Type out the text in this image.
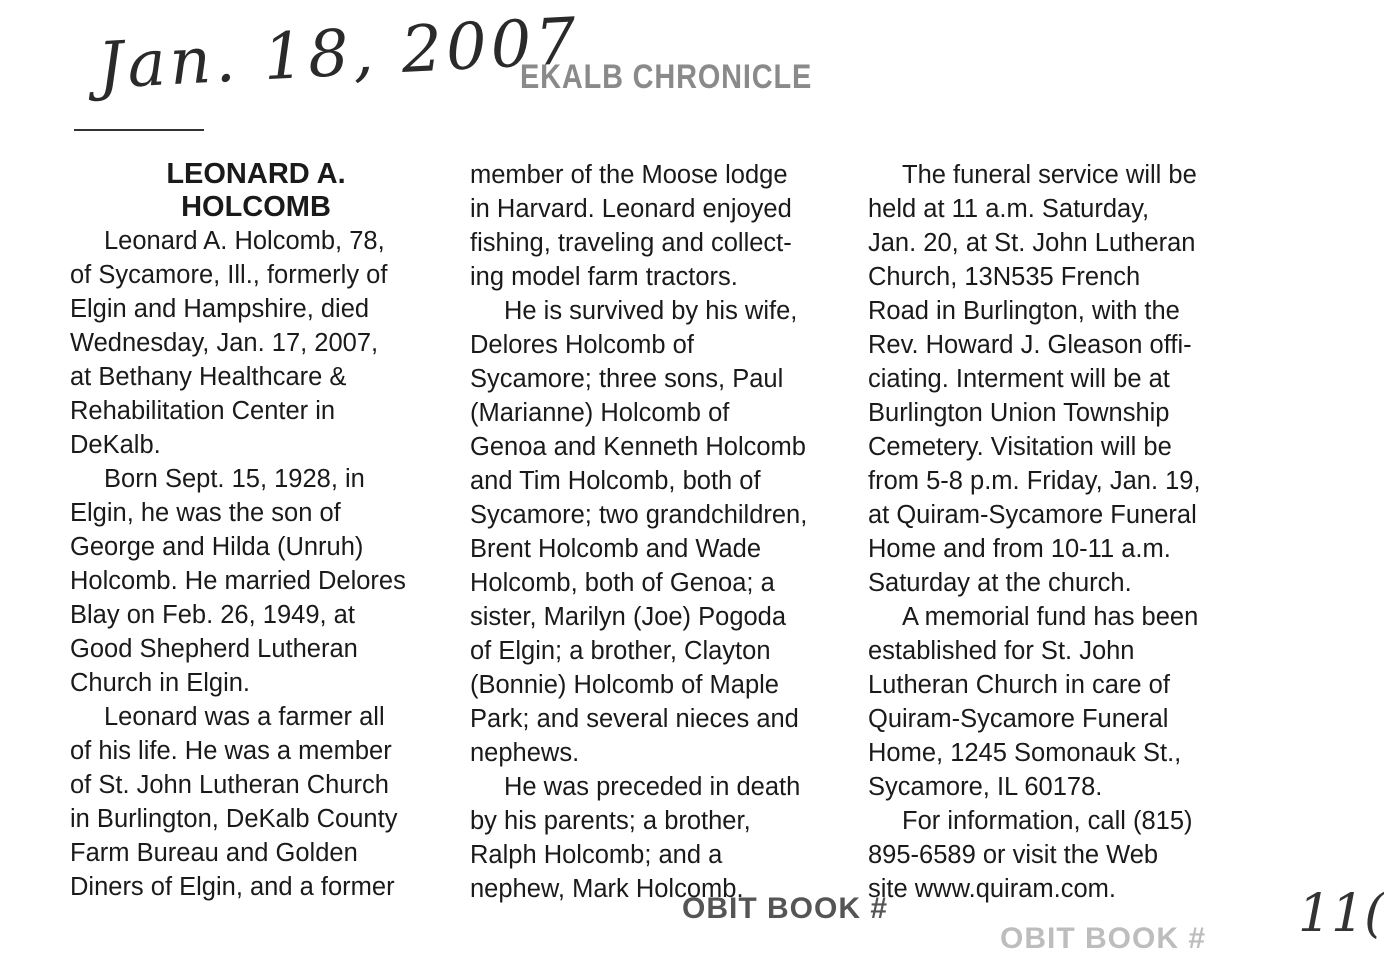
Jan. 18, 2007
EKALB CHRONICLE
LEONARD A.
HOLCOMB
Leonard A. Holcomb, 78,
of Sycamore, Ill., formerly of
Elgin and Hampshire, died
Wednesday, Jan. 17, 2007,
at Bethany Healthcare &
Rehabilitation Center in
DeKalb.
Born Sept. 15, 1928, in
Elgin, he was the son of
George and Hilda (Unruh)
Holcomb. He married Delores
Blay on Feb. 26, 1949, at
Good Shepherd Lutheran
Church in Elgin.
Leonard was a farmer all
of his life. He was a member
of St. John Lutheran Church
in Burlington, DeKalb County
Farm Bureau and Golden
Diners of Elgin, and a former
member of the Moose lodge
in Harvard. Leonard enjoyed
fishing, traveling and collect-
ing model farm tractors.
He is survived by his wife,
Delores Holcomb of
Sycamore; three sons, Paul
(Marianne) Holcomb of
Genoa and Kenneth Holcomb
and Tim Holcomb, both of
Sycamore; two grandchildren,
Brent Holcomb and Wade
Holcomb, both of Genoa; a
sister, Marilyn (Joe) Pogoda
of Elgin; a brother, Clayton
(Bonnie) Holcomb of Maple
Park; and several nieces and
nephews.
He was preceded in death
by his parents; a brother,
Ralph Holcomb; and a
nephew, Mark Holcomb.
The funeral service will be
held at 11 a.m. Saturday,
Jan. 20, at St. John Lutheran
Church, 13N535 French
Road in Burlington, with the
Rev. Howard J. Gleason offi-
ciating. Interment will be at
Burlington Union Township
Cemetery. Visitation will be
from 5-8 p.m. Friday, Jan. 19,
at Quiram-Sycamore Funeral
Home and from 10-11 a.m.
Saturday at the church.
A memorial fund has been
established for St. John
Lutheran Church in care of
Quiram-Sycamore Funeral
Home, 1245 Somonauk St.,
Sycamore, IL 60178.
For information, call (815)
895-6589 or visit the Web
site www.quiram.com.
OBIT BOOK #
OBIT BOOK # 11(
